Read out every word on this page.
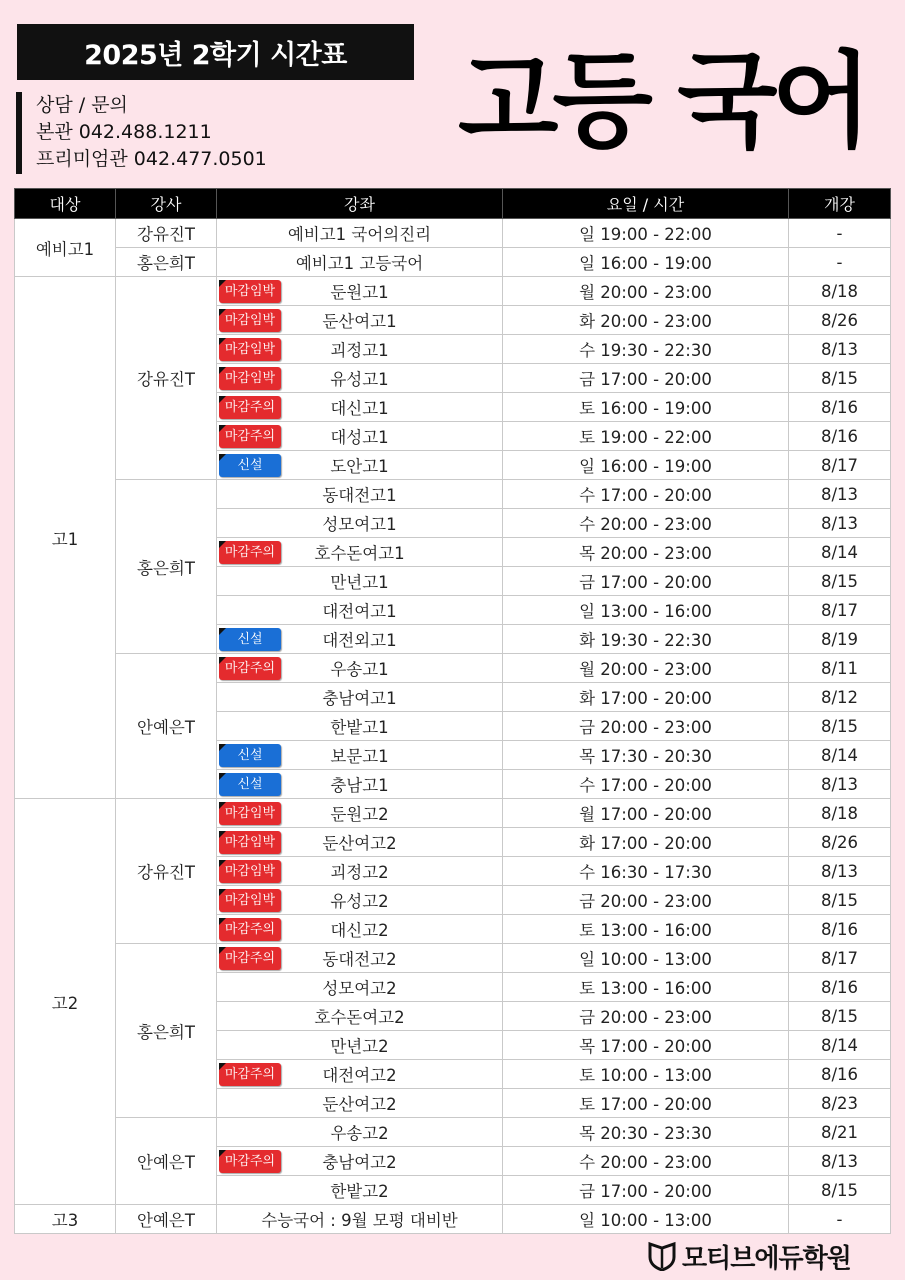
2025년 2학기 시간표
상담 / 문의
본관 042.488.1211
프리미엄관 042.477.0501 고등 국어
대상	강사	강좌	요일 / 시간	개강
예비고1	강유진T	예비고1 국어의진리	일 19:00 - 22:00	-
	홍은희T	예비고1 고등국어	일 16:00 - 19:00	-
고1	강유진T	마감임박 둔원고1	월 20:00 - 23:00	8/18

		마감임박 둔산여고1	화 20:00 - 23:00	8/26

		마감임박 괴정고1	수 19:30 - 22:30	8/13

		마감임박 유성고1	금 17:00 - 20:00	8/15

		마감주의 대신고1	토 16:00 - 19:00	8/16

		마감주의 대성고1	토 19:00 - 22:00	8/16

		신설 도안고1	일 16:00 - 19:00	8/17
	홍은희T	동대전고1	수 17:00 - 20:00	8/13
		성모여고1	수 20:00 - 23:00	8/13

		마감주의 호수돈여고1	목 20:00 - 23:00	8/14
		만년고1	금 17:00 - 20:00	8/15
		대전여고1	일 13:00 - 16:00	8/17

		신설 대전외고1	화 19:30 - 22:30	8/19
	안예은T	마감주의 우송고1	월 20:00 - 23:00	8/11
		충남여고1	화 17:00 - 20:00	8/12
		한밭고1	금 20:00 - 23:00	8/15

		신설 보문고1	목 17:30 - 20:30	8/14

		신설 충남고1	수 17:00 - 20:00	8/13
고2	강유진T	마감임박 둔원고2	월 17:00 - 20:00	8/18

		마감임박 둔산여고2	화 17:00 - 20:00	8/26

		마감임박 괴정고2	수 16:30 - 17:30	8/13

		마감임박 유성고2	금 20:00 - 23:00	8/15

		마감주의 대신고2	토 13:00 - 16:00	8/16
	홍은희T	마감주의 동대전고2	일 10:00 - 13:00	8/17
		성모여고2	토 13:00 - 16:00	8/16
		호수돈여고2	금 20:00 - 23:00	8/15
		만년고2	목 17:00 - 20:00	8/14

		마감주의 대전여고2	토 10:00 - 13:00	8/16
		둔산여고2	토 17:00 - 20:00	8/23
	안예은T	우송고2	목 20:30 - 23:30	8/21

		마감주의 충남여고2	수 20:00 - 23:00	8/13
		한밭고2	금 17:00 - 20:00	8/15
고3	안예은T	수능국어 : 9월 모평 대비반	일 10:00 - 13:00	-
모티브에듀학원
